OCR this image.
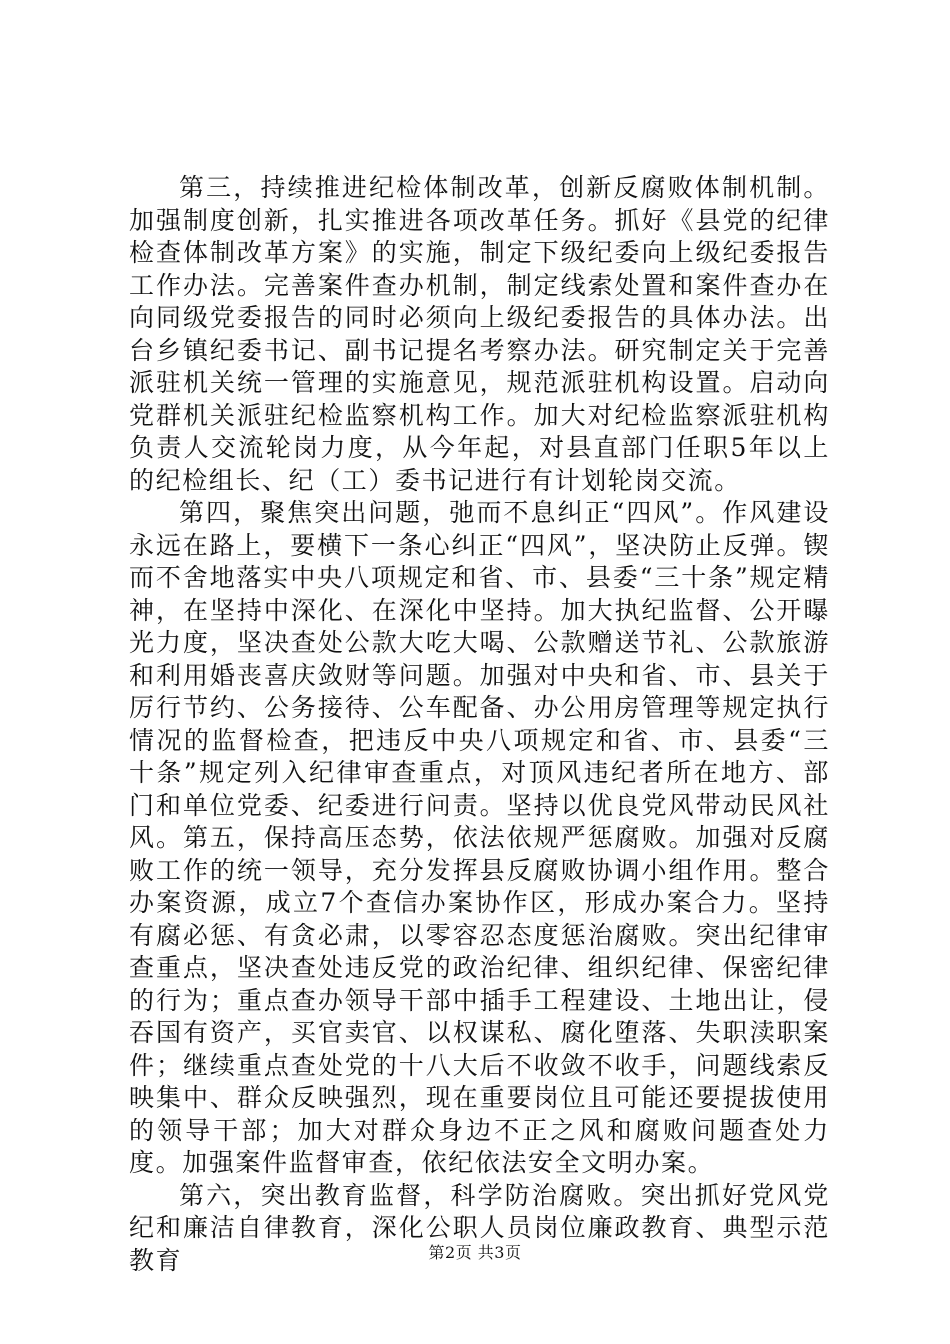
第三，持续推进纪检体制改革，创新反腐败体制机制。加强制度创新，扎实推进各项改革任务。抓好《县党的纪律检查体制改革方案》的实施，制定下级纪委向上级纪委报告工作办法。完善案件查办机制，制定线索处置和案件查办在向同级党委报告的同时必须向上级纪委报告的具体办法。出台乡镇纪委书记、副书记提名考察办法。研究制定关于完善派驻机关统一管理的实施意见，规范派驻机构设置。启动向党群机关派驻纪检监察机构工作。加大对纪检监察派驻机构负责人交流轮岗力度，从今年起，对县直部门任职5年以上的纪检组长、纪（工）委书记进行有计划轮岗交流。

第四，聚焦突出问题，弛而不息纠正“四风”。作风建设永远在路上，要横下一条心纠正“四风”，坚决防止反弹。锲而不舍地落实中央八项规定和省、市、县委“三十条”规定精神，在坚持中深化、在深化中坚持。加大执纪监督、公开曝光力度，坚决查处公款大吃大喝、公款赠送节礼、公款旅游和利用婚丧喜庆敛财等问题。加强对中央和省、市、县关于厉行节约、公务接待、公车配备、办公用房管理等规定执行情况的监督检查，把违反中央八项规定和省、市、县委“三十条”规定列入纪律审查重点，对顶风违纪者所在地方、部门和单位党委、纪委进行问责。坚持以优良党风带动民风社风。第五，保持高压态势，依法依规严惩腐败。加强对反腐败工作的统一领导，充分发挥县反腐败协调小组作用。整合办案资源，成立7个查信办案协作区，形成办案合力。坚持有腐必惩、有贪必肃，以零容忍态度惩治腐败。突出纪律审查重点，坚决查处违反党的政治纪律、组织纪律、保密纪律的行为；重点查办领导干部中插手工程建设、土地出让，侵吞国有资产，买官卖官、以权谋私、腐化堕落、失职渎职案件；继续重点查处党的十八大后不收敛不收手，问题线索反映集中、群众反映强烈，现在重要岗位且可能还要提拔使用的领导干部；加大对群众身边不正之风和腐败问题查处力度。加强案件监督审查，依纪依法安全文明办案。

第六，突出教育监督，科学防治腐败。突出抓好党风党纪和廉洁自律教育，深化公职人员岗位廉政教育、典型示范教育	第2页 共3页
